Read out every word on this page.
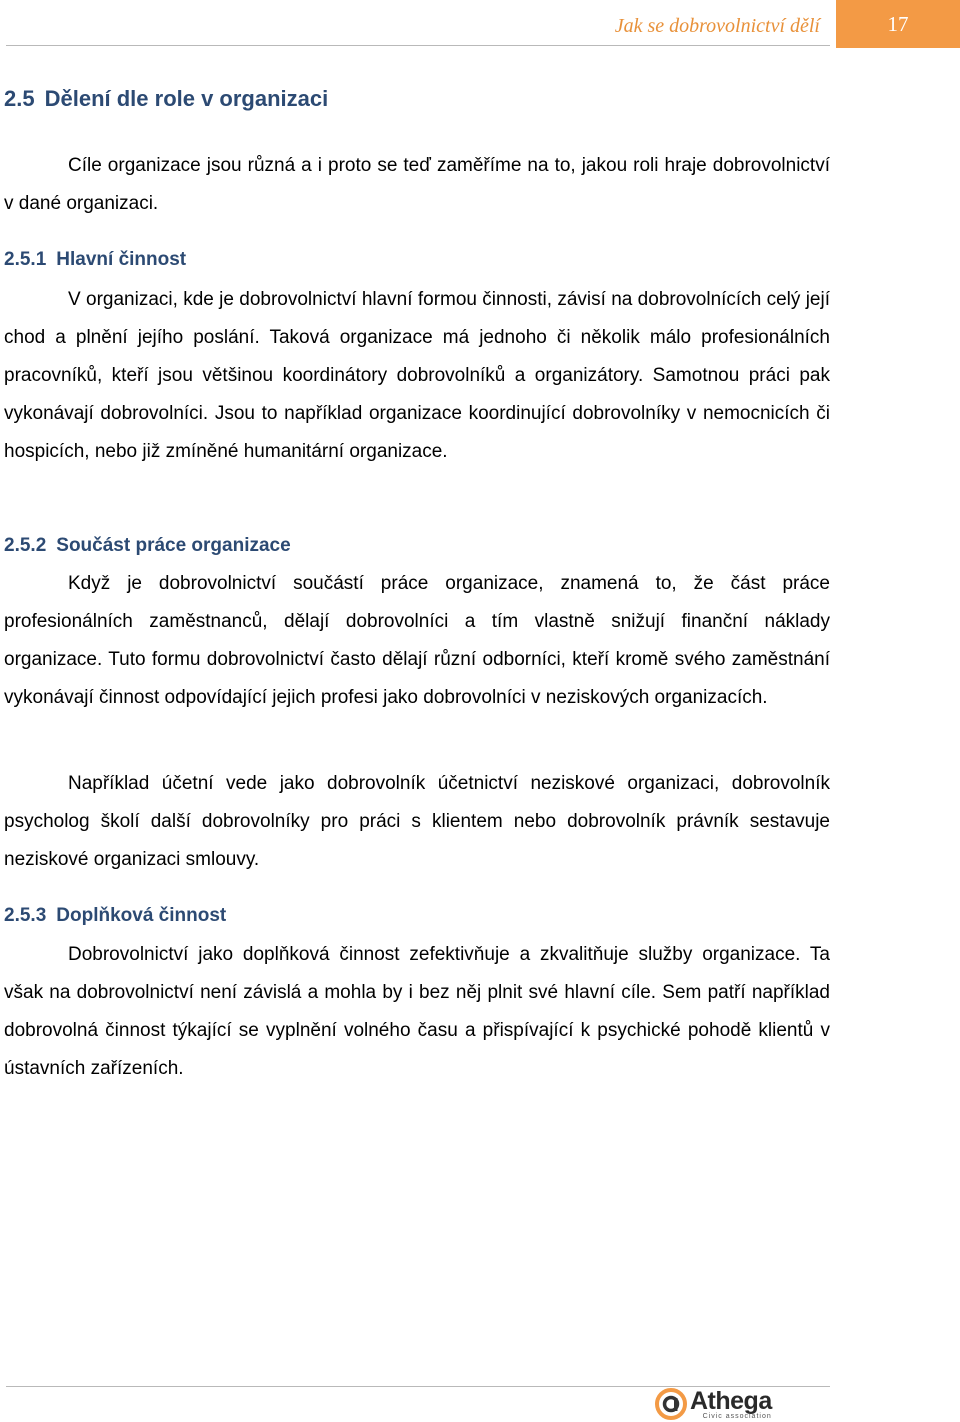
Jak se dobrovolnictví dělí	17
2.5 Dělení dle role v organizaci

Cíle organizace jsou různá a i proto se teď zaměříme na to, jakou roli hraje dobrovolnictví v dané organizaci.

2.5.1 Hlavní činnost

V organizaci, kde je dobrovolnictví hlavní formou činnosti, závisí na dobrovolnících celý její chod a plnění jejího poslání. Taková organizace má jednoho či několik málo profesionálních pracovníků, kteří jsou většinou koordinátory dobrovolníků a organizátory. Samotnou práci pak vykonávají dobrovolníci. Jsou to například organizace koordinující dobrovolníky v nemocnicích či hospicích, nebo již zmíněné humanitární organizace.

2.5.2 Součást práce organizace

Když je dobrovolnictví součástí práce organizace, znamená to, že část práce profesionálních zaměstnanců, dělají dobrovolníci a tím vlastně snižují finanční náklady organizace. Tuto formu dobrovolnictví často dělají různí odborníci, kteří kromě svého zaměstnání vykonávají činnost odpovídající jejich profesi jako dobrovolníci v neziskových organizacích.

Například účetní vede jako dobrovolník účetnictví neziskové organizaci, dobrovolník psycholog školí další dobrovolníky pro práci s klientem nebo dobrovolník právník sestavuje neziskové organizaci smlouvy.

2.5.3 Doplňková činnost

Dobrovolnictví jako doplňková činnost zefektivňuje a zkvalitňuje služby organizace. Ta však na dobrovolnictví není závislá a mohla by i bez něj plnit své hlavní cíle. Sem patří například dobrovolná činnost týkající se vyplnění volného času a přispívající k psychické pohodě klientů v ústavních zařízeních.

Athega
Civic association
